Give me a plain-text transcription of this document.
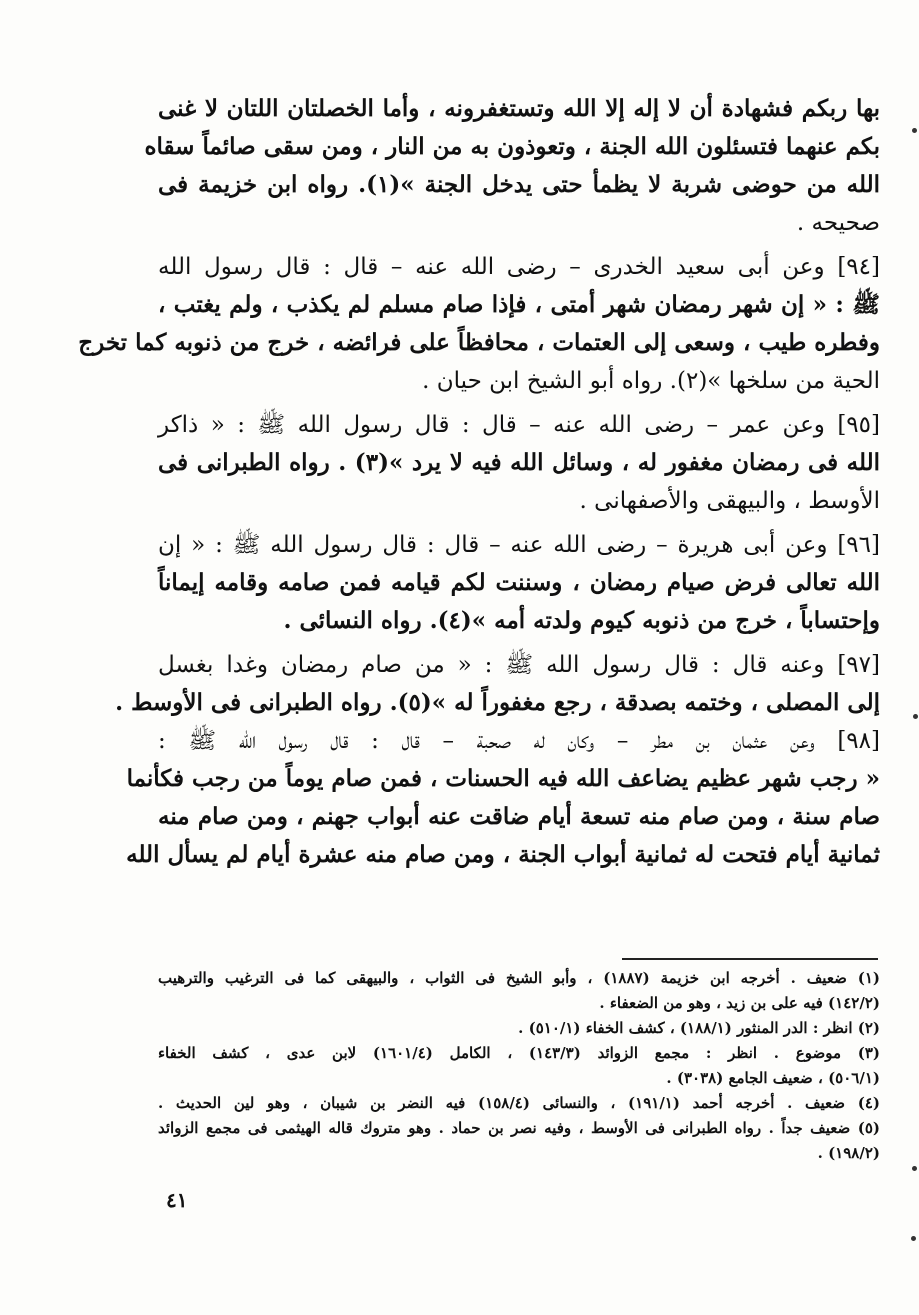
بها ربكم فشهادة أن لا إله إلا الله وتستغفرونه ، وأما الخصلتان اللتان لا غنى
بكم عنهما فتسئلون الله الجنة ، وتعوذون به من النار ، ومن سقى صائماً سقاه
الله من حوضى شربة لا يظمأ حتى يدخل الجنة »(١). رواه ابن خزيمة فى
صحيحه .
[٩٤] وعن أبى سعيد الخدرى – رضى الله عنه – قال : قال رسول الله
ﷺ : « إن شهر رمضان شهر أمتى ، فإذا صام مسلم لم يكذب ، ولم يغتب ،
وفطره طيب ، وسعى إلى العتمات ، محافظاً على فرائضه ، خرج من ذنوبه كما تخرج
الحية من سلخها »(٢). رواه أبو الشيخ ابن حيان .
[٩٥] وعن عمر – رضى الله عنه – قال : قال رسول الله ﷺ : « ذاكر
الله فى رمضان مغفور له ، وسائل الله فيه لا يرد »(٣) . رواه الطبرانى فى
الأوسط ، والبيهقى والأصفهانى .
[٩٦] وعن أبى هريرة – رضى الله عنه – قال : قال رسول الله ﷺ : « إن
الله تعالى فرض صيام رمضان ، وسننت لكم قيامه فمن صامه وقامه إيماناً
وإحتساباً ، خرج من ذنوبه كيوم ولدته أمه »(٤). رواه النسائى .
[٩٧] وعنه قال : قال رسول الله ﷺ : « من صام رمضان وغدا بغسل
إلى المصلى ، وختمه بصدقة ، رجع مغفوراً له »(٥). رواه الطبرانى فى الأوسط .
[٩٨] وعن عثمان بن مطر – وكان له صحبة – قال : قال رسول الله ﷺ :
« رجب شهر عظيم يضاعف الله فيه الحسنات ، فمن صام يوماً من رجب فكأنما
صام سنة ، ومن صام منه تسعة أيام ضاقت عنه أبواب جهنم ، ومن صام منه
ثمانية أيام فتحت له ثمانية أبواب الجنة ، ومن صام منه عشرة أيام لم يسأل الله
(١) ضعيف . أخرجه ابن خزيمة (١٨٨٧) ، وأبو الشيخ فى الثواب ، والبيهقى كما فى الترغيب والترهيب
(١٤٢/٢) فيه على بن زيد ، وهو من الضعفاء .
(٢) انظر : الدر المنثور (١٨٨/١) ، كشف الخفاء (٥١٠/١) .
(٣) موضوع . انظر : مجمع الزوائد (١٤٣/٣) ، الكامل (١٦٠١/٤) لابن عدى ، كشف الخفاء
(٥٠٦/١) ، ضعيف الجامع (٣٠٣٨) .
(٤) ضعيف . أخرجه أحمد (١٩١/١) ، والنسائى (١٥٨/٤) فيه النضر بن شيبان ، وهو لين الحديث .
(٥) ضعيف جداً . رواه الطبرانى فى الأوسط ، وفيه نصر بن حماد . وهو متروك قاله الهيثمى فى مجمع الزوائد
(١٩٨/٢) .
٤١
